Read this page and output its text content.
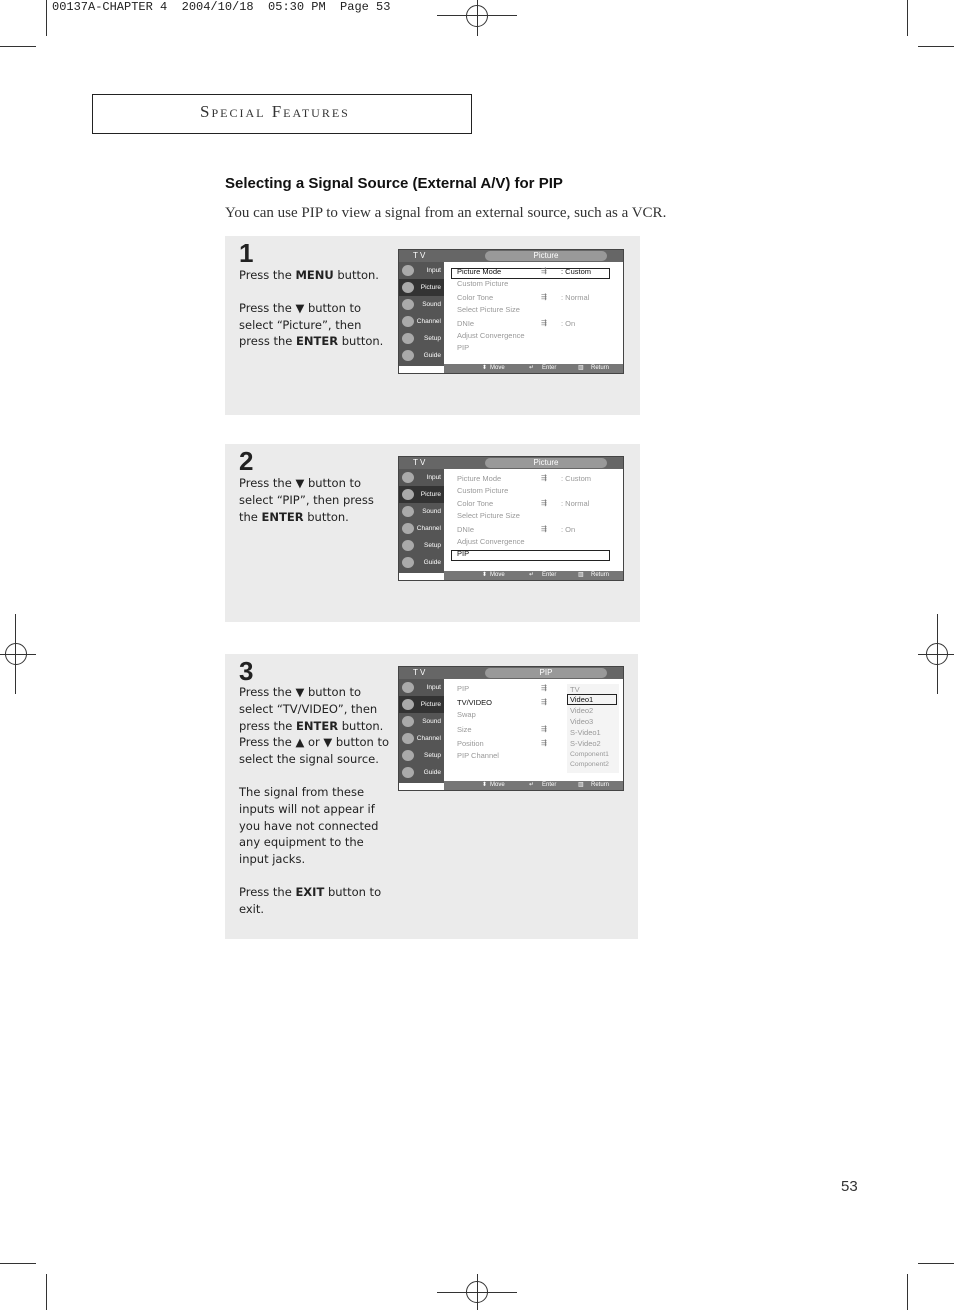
00137A-CHAPTER 4  2004/10/18  05:30 PM  Page 53
Special Features
Selecting a Signal Source (External A/V) for PIP
You can use PIP to view a signal from an external source, such as a VCR.
1

Press the MENU button.

Press the ▼ button to select “Picture”, then press the ENTER button.

T V	Picture
Input
Picture
Sound
Channel
Setup
Guide
Picture Mode	⇶ : Custom
Custom Picture
Color Tone	⇶ : Normal
Select Picture Size
DNIe	⇶ : On
Adjust Convergence
PIP
⬍ Move	↵ Enter	▥ Return
2

Press the ▼ button to select “PIP”, then press the ENTER button.

T V	Picture
Input
Picture
Sound
Channel
Setup
Guide
Picture Mode	⇶ : Custom
Custom Picture
Color Tone	⇶ : Normal
Select Picture Size
DNIe	⇶ : On
Adjust Convergence
PIP
⬍ Move	↵ Enter	▥ Return
3

Press the ▼ button to select “TV/VIDEO”, then press the ENTER button. Press the ▲ or ▼ button to select the signal source.

The signal from these inputs will not appear if you have not connected any equipment to the input jacks.

Press the EXIT button to exit.

T V	PIP
Input
Picture
Sound
Channel
Setup
Guide
PIP	⇶
TV/VIDEO	⇶
Swap
Size	⇶
Position	⇶
PIP Channel
TV
Video1
Video2
Video3
S-Video1
S-Video2
Component1
Component2
⬍ Move	↵ Enter	▥ Return
53
